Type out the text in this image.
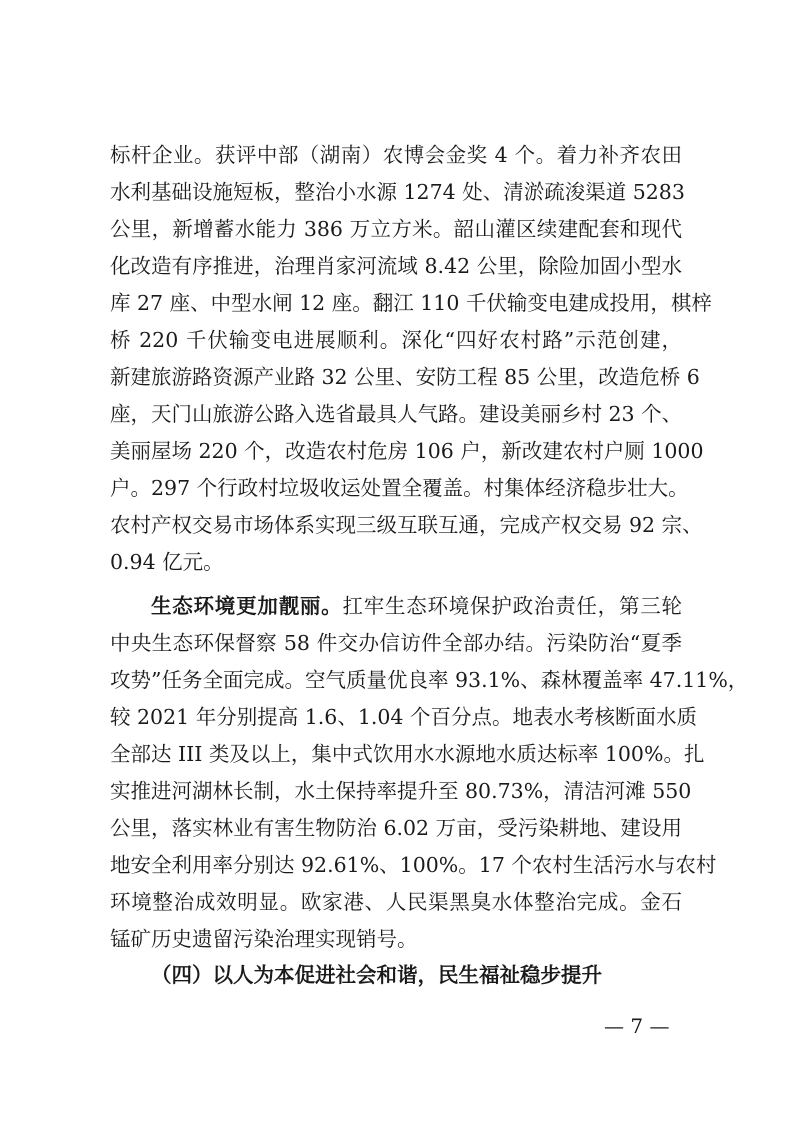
标杆企业。获评中部（湖南）农博会金奖 4 个。着力补齐农田
水利基础设施短板，整治小水源 1274 处、清淤疏浚渠道 5283
公里，新增蓄水能力 386 万立方米。韶山灌区续建配套和现代
化改造有序推进，治理肖家河流域 8.42 公里，除险加固小型水
库 27 座、中型水闸 12 座。翻江 110 千伏输变电建成投用，棋梓
桥 220 千伏输变电进展顺利。深化“四好农村路”示范创建，
新建旅游路资源产业路 32 公里、安防工程 85 公里，改造危桥 6
座，天门山旅游公路入选省最具人气路。建设美丽乡村 23 个、
美丽屋场 220 个，改造农村危房 106 户，新改建农村户厕 1000
户。297 个行政村垃圾收运处置全覆盖。村集体经济稳步壮大。
农村产权交易市场体系实现三级互联互通，完成产权交易 92 宗、
0.94 亿元。
生态环境更加靓丽。扛牢生态环境保护政治责任，第三轮
中央生态环保督察 58 件交办信访件全部办结。污染防治“夏季
攻势”任务全面完成。空气质量优良率 93.1%、森林覆盖率 47.11%，
较 2021 年分别提高 1.6、1.04 个百分点。地表水考核断面水质
全部达 III 类及以上，集中式饮用水水源地水质达标率 100%。扎
实推进河湖林长制，水土保持率提升至 80.73%，清洁河滩 550
公里，落实林业有害生物防治 6.02 万亩，受污染耕地、建设用
地安全利用率分别达 92.61%、100%。17 个农村生活污水与农村
环境整治成效明显。欧家港、人民渠黑臭水体整治完成。金石
锰矿历史遗留污染治理实现销号。
（四）以人为本促进社会和谐，民生福祉稳步提升
— 7 —
